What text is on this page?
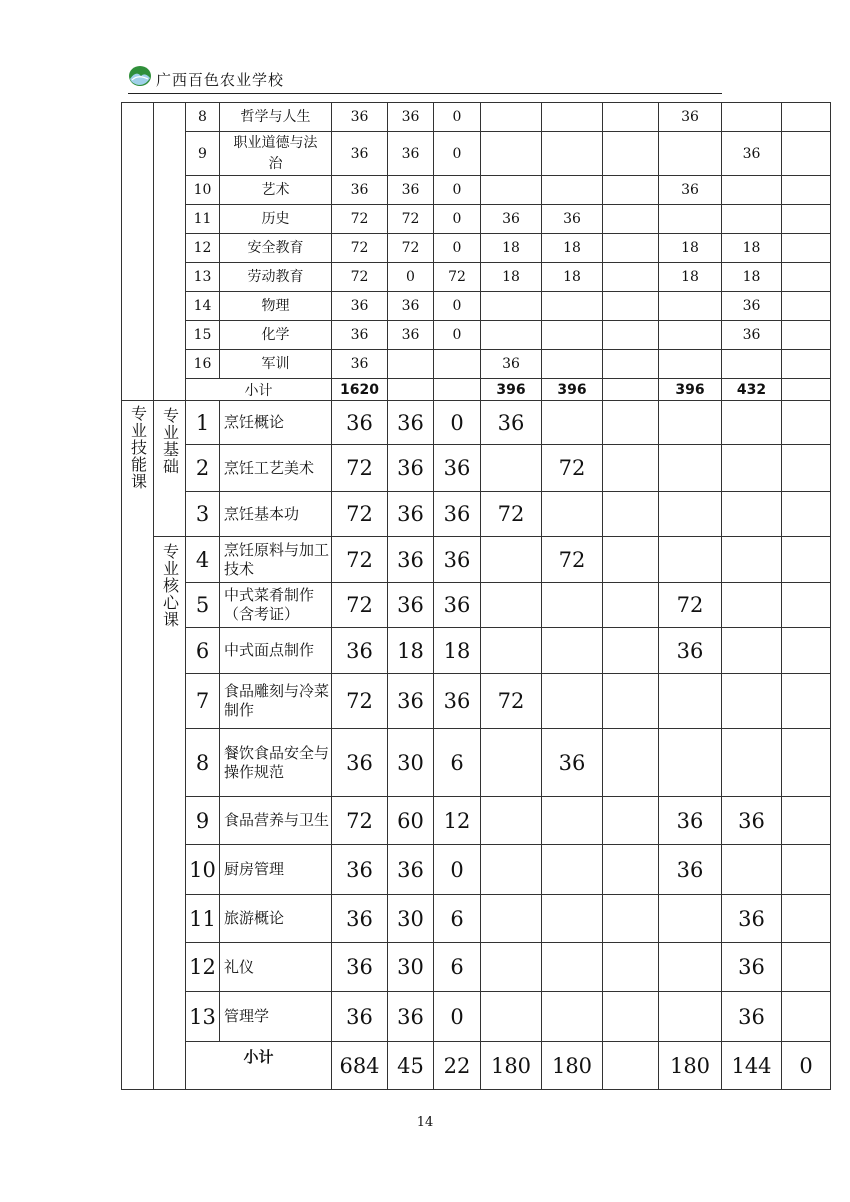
广西百色农业学校
		8	哲学与人生	36	36	0				36		
		9	职业道德与法治	36	36	0					36	
		10	艺术	36	36	0				36		
		11	历史	72	72	0	36	36				
		12	安全教育	72	72	0	18	18		18	18	
		13	劳动教育	72	0	72	18	18		18	18	
		14	物理	36	36	0					36	
		15	化学	36	36	0					36	
		16	军训	36			36					
		小计		1620			396	396		396	432	

专业技能课	专业基础	1	烹饪概论	36	36	0	36					
		2	烹饪工艺美术	72	36	36		72				
		3	烹饪基本功	72	36	36	72					

	专业核心课	4	烹饪原料与加工技术	72	36	36		72				
		5	中式菜肴制作（含考证）	72	36	36				72		
		6	中式面点制作	36	18	18				36		
		7	食品雕刻与冷菜制作	72	36	36	72					
		8	餐饮食品安全与操作规范	36	30	6		36				
		9	食品营养与卫生	72	60	12				36	36	
		10	厨房管理	36	36	0				36		
		11	旅游概论	36	30	6					36	
		12	礼仪	36	30	6					36	
		13	管理学	36	36	0					36	
		小计		684	45	22	180	180		180	144	0
14
